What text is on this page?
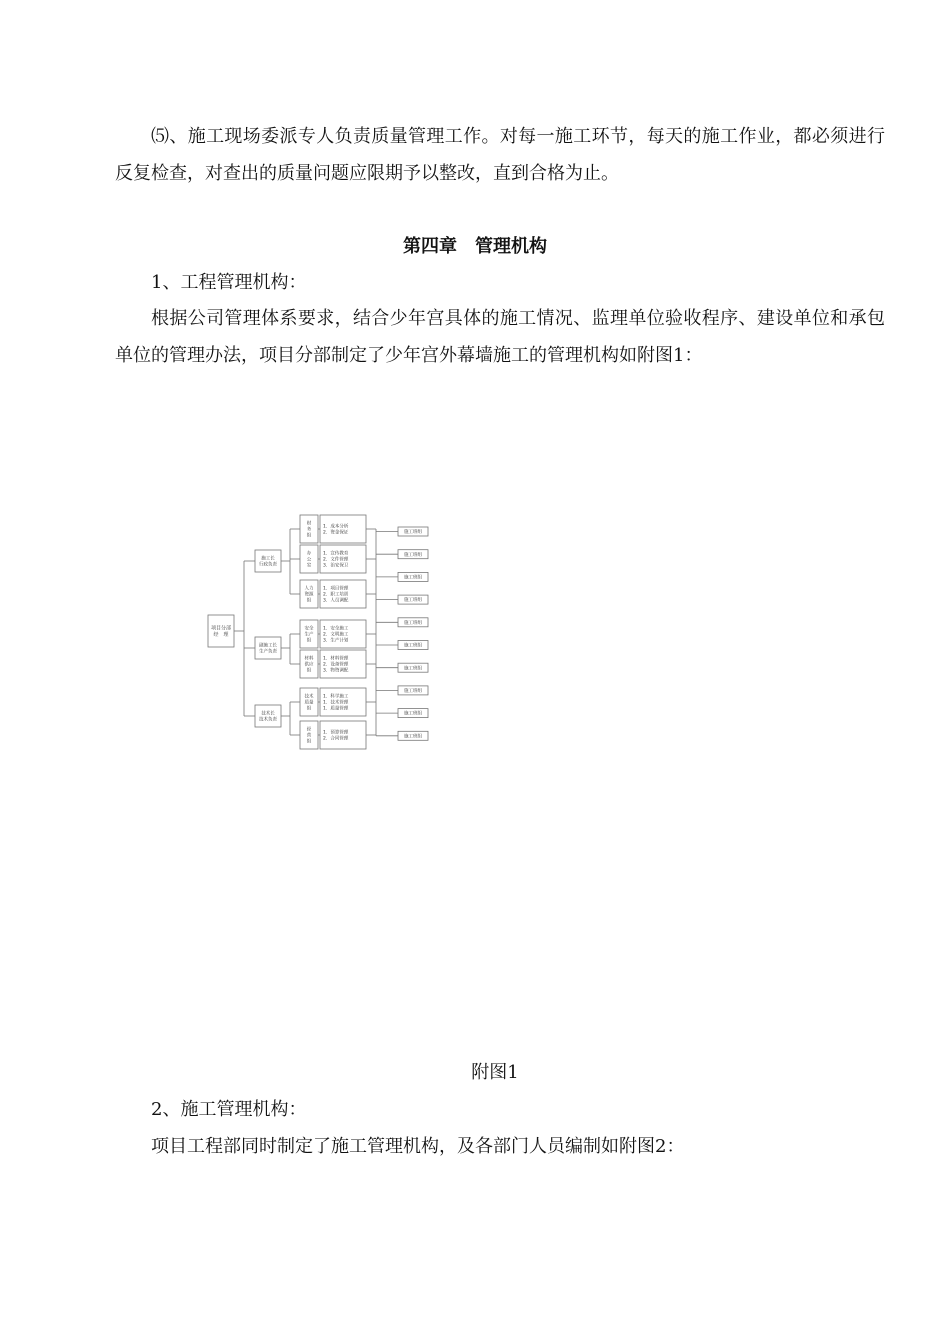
⑸、施工现场委派专人负责质量管理工作。对每一施工环节，每天的施工作业，都必须进行反复检查，对查出的质量问题应限期予以整改，直到合格为止。

第四章　管理机构

1、工程管理机构：

根据公司管理体系要求，结合少年宫具体的施工情况、监理单位验收程序、建设单位和承包单位的管理办法，项目分部制定了少年宫外幕墙施工的管理机构如附图1：

项目分部
经　理
施工长
行政负责
财
务
组
1．成本分析
2．资金保证
办
公
室
1．宣传教育
2．文件管理
3．治安保卫
人力
资源
组
1．项目管理
2．职工培训
3．人员调配
副施工长
生产负责
安全
生产
组
1．安全施工
2．文明施工
3．生产计划
材料
供应
组
1．材料管理
2．设备管理
3．物资调配
技术长
技术负责
技术
质量
组
1．科学施工
1．技术管理
1．质量管理
经
营
组
1．预算管理
2．合同管理
施工班组
施工班组
施工班组
施工班组
施工班组
施工班组
施工班组
施工班组
施工班组
施工班组

附图1

2、施工管理机构：

项目工程部同时制定了施工管理机构，及各部门人员编制如附图2：
